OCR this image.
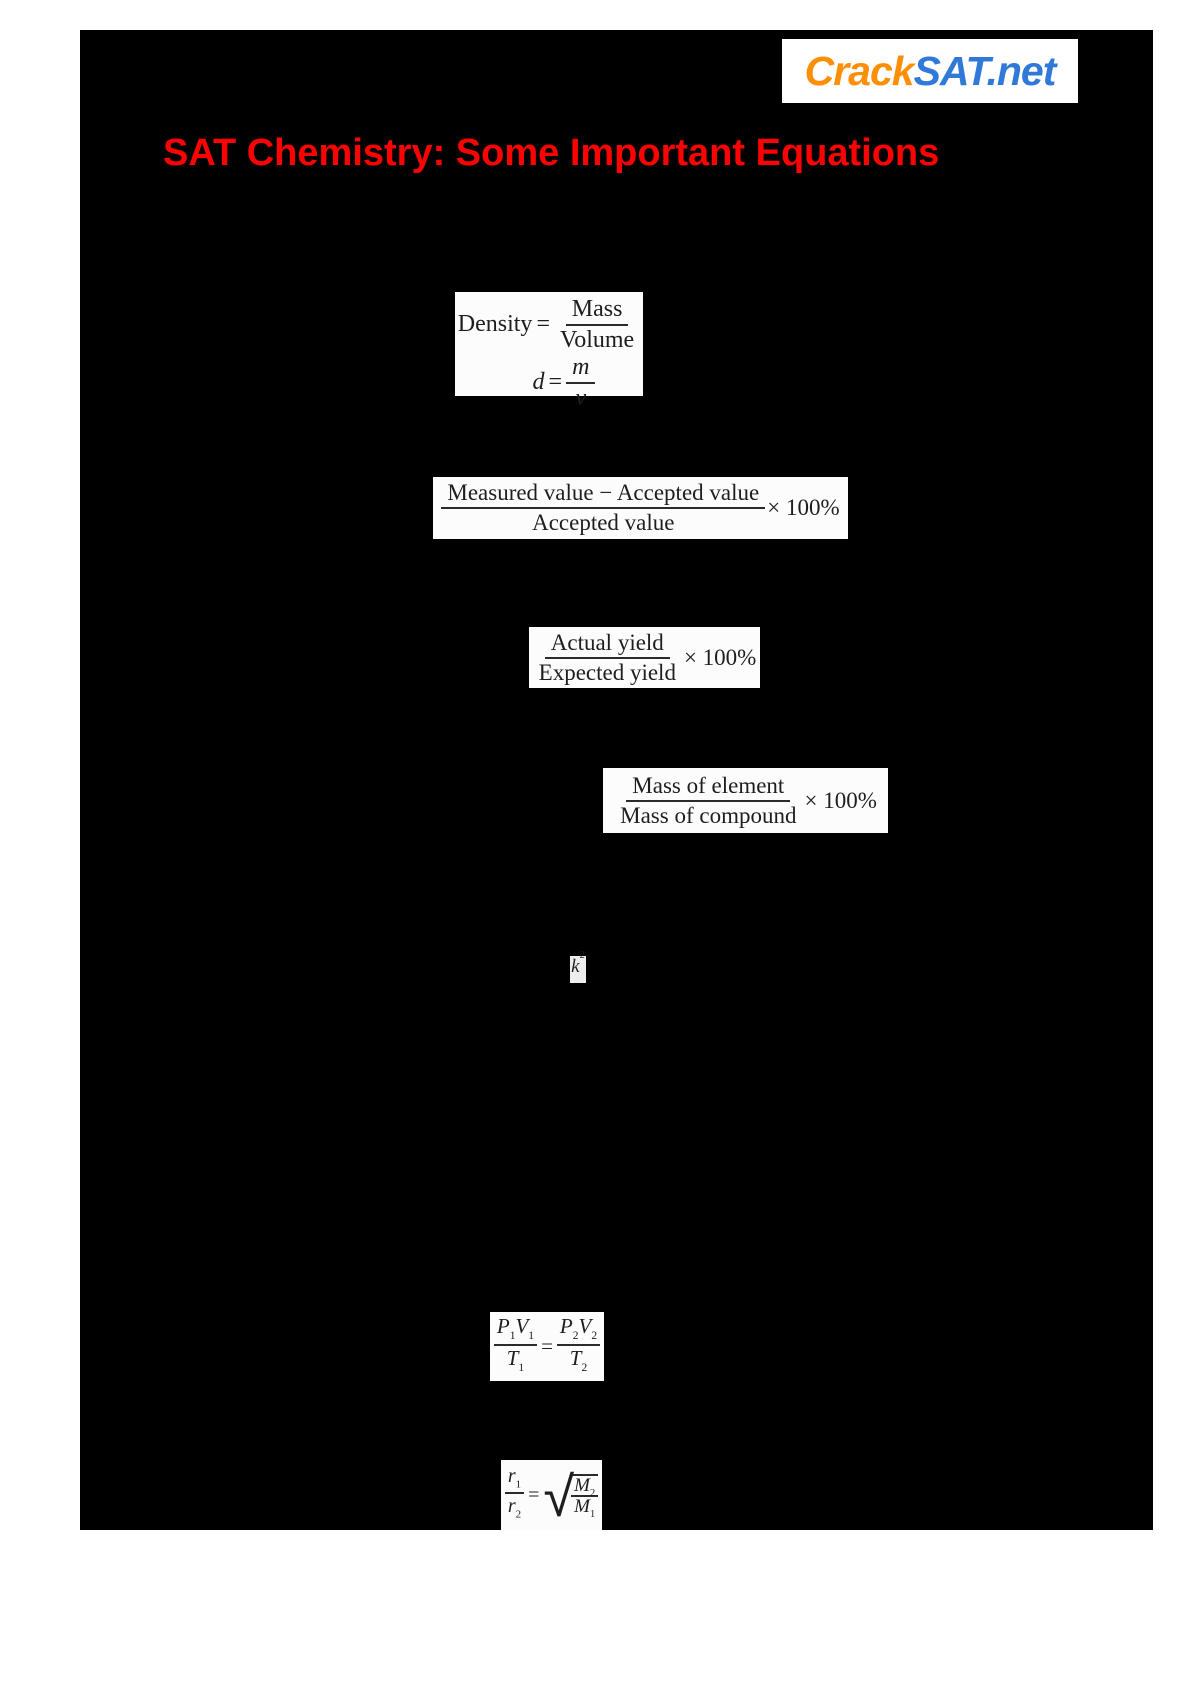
Crack SAT.net
SAT Chemistry: Some Important Equations
Density = $\frac{\text{Mass}}{\text{Volume}}$
$d = \frac{m}{v}$
$\frac{\text{Measured value − Accepted value}}{\text{Accepted value}} \times 100\%$
$\frac{\text{Actual yield}}{\text{Expected yield}} \times 100\%$
$\frac{\text{Mass of element}}{\text{Mass of compound}} \times 100\%$
k
2
$\frac{P_1V_1}{T_1} = \frac{P_2V_2}{T_2}$
$\frac{r_1}{r_2}$ = √
$\frac{M_2}{M_1}$
